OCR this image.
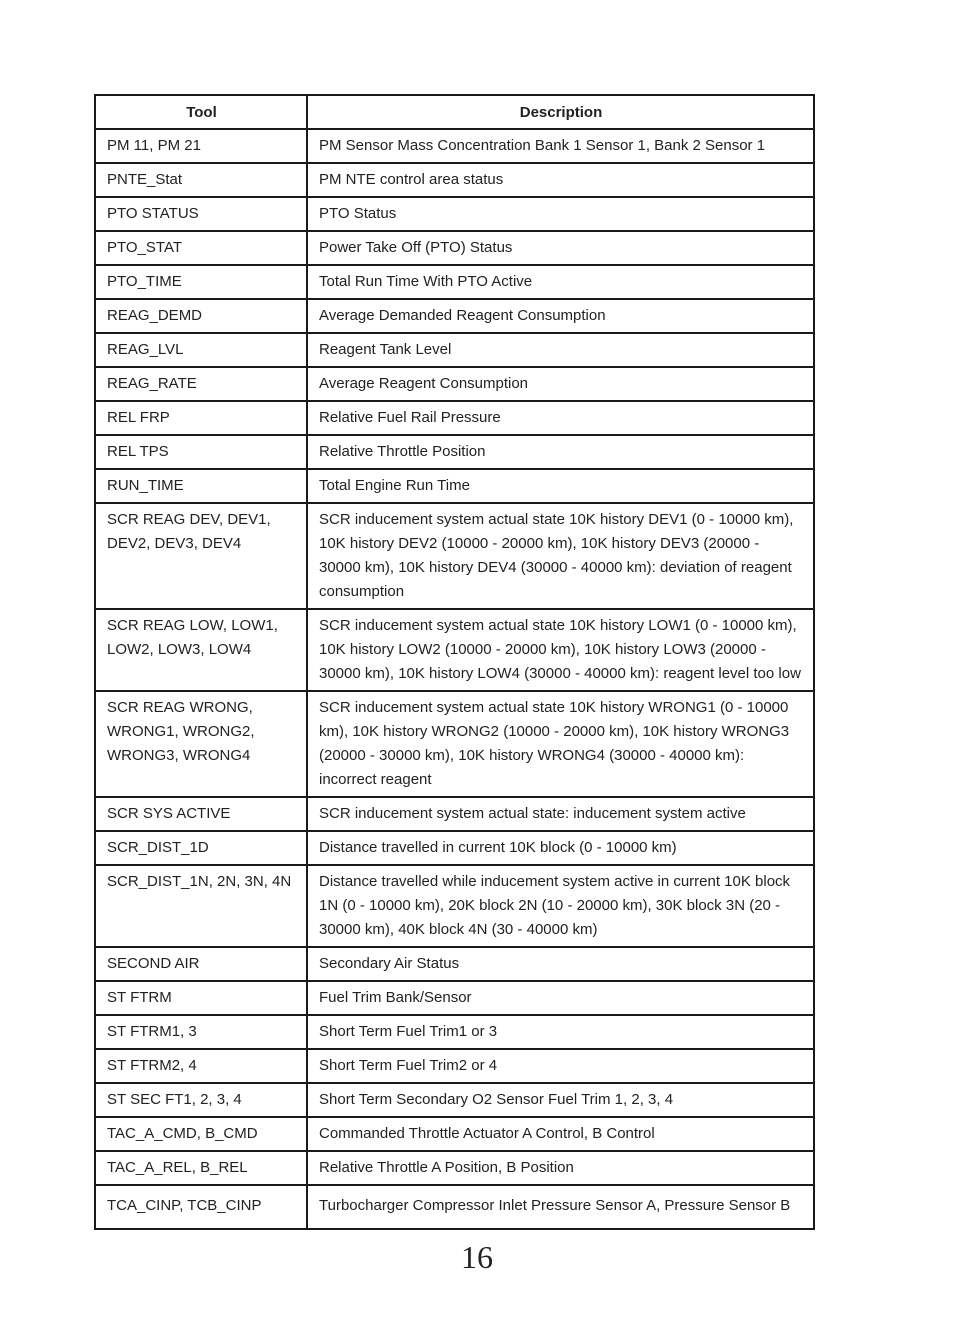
Tool	Description
PM 11, PM 21	PM Sensor Mass Concentration Bank 1 Sensor 1, Bank 2 Sensor 1
PNTE_Stat	PM NTE control area status
PTO STATUS	PTO Status
PTO_STAT	Power Take Off (PTO) Status
PTO_TIME	Total Run Time With PTO Active
REAG_DEMD	Average Demanded Reagent Consumption
REAG_LVL	Reagent Tank Level
REAG_RATE	Average Reagent Consumption
REL FRP	Relative Fuel Rail Pressure
REL TPS	Relative Throttle Position
RUN_TIME	Total Engine Run Time
SCR REAG DEV, DEV1, DEV2, DEV3, DEV4	SCR inducement system actual state 10K history DEV1 (0 - 10000 km), 10K history DEV2 (10000 - 20000 km), 10K history DEV3 (20000 - 30000 km), 10K history DEV4 (30000 - 40000 km): deviation of reagent consumption
SCR REAG LOW, LOW1, LOW2, LOW3, LOW4	SCR inducement system actual state 10K history LOW1 (0 - 10000 km), 10K history LOW2 (10000 - 20000 km), 10K history LOW3 (20000 - 30000 km), 10K history LOW4 (30000 - 40000 km): reagent level too low
SCR REAG WRONG, WRONG1, WRONG2, WRONG3, WRONG4	SCR inducement system actual state 10K history WRONG1 (0 - 10000 km), 10K history WRONG2 (10000 - 20000 km), 10K history WRONG3 (20000 - 30000 km), 10K history WRONG4 (30000 - 40000 km): incorrect reagent
SCR SYS ACTIVE	SCR inducement system actual state: inducement system active
SCR_DIST_1D	Distance travelled in current 10K block (0 - 10000 km)
SCR_DIST_1N, 2N, 3N, 4N	Distance travelled while inducement system active in current 10K block 1N (0 - 10000 km), 20K block 2N (10 - 20000 km), 30K block 3N (20 - 30000 km), 40K block 4N (30 - 40000 km)
SECOND AIR	Secondary Air Status
ST FTRM	Fuel Trim Bank/Sensor
ST FTRM1, 3	Short Term Fuel Trim1 or 3
ST FTRM2, 4	Short Term Fuel Trim2 or 4
ST SEC FT1, 2, 3, 4	Short Term Secondary O2 Sensor Fuel Trim 1, 2, 3, 4
TAC_A_CMD, B_CMD	Commanded Throttle Actuator A Control, B Control
TAC_A_REL, B_REL	Relative Throttle A Position, B Position
TCA_CINP, TCB_CINP	Turbocharger Compressor Inlet Pressure Sensor A, Pressure Sensor B
16
